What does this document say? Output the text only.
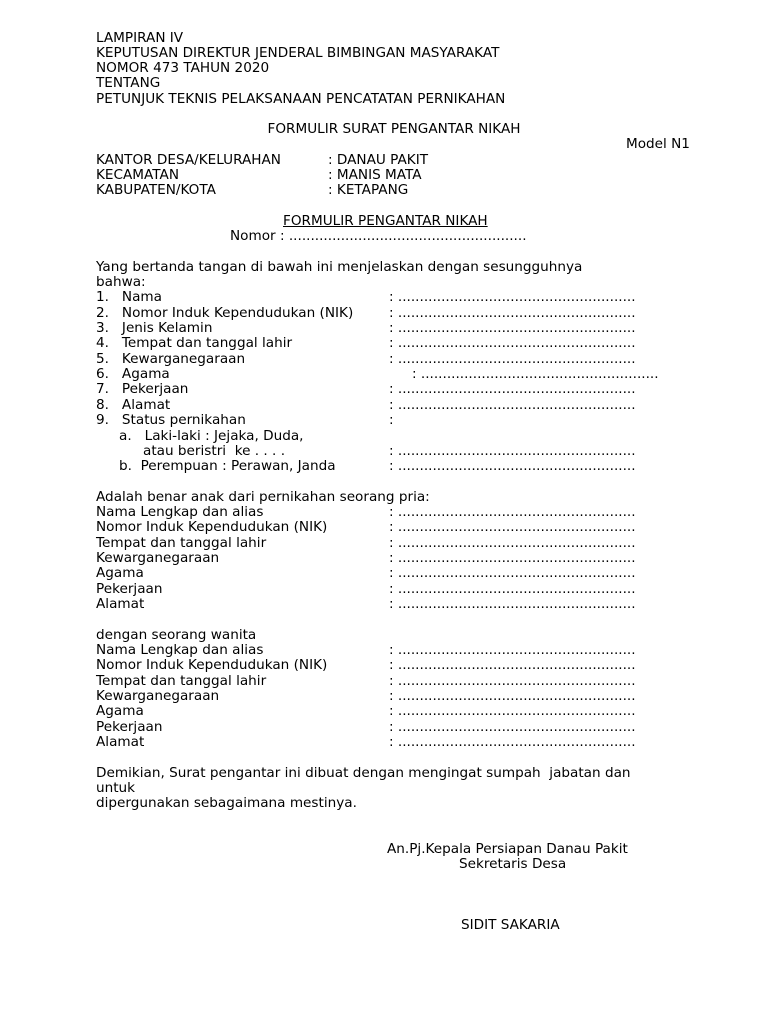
LAMPIRAN IV
KEPUTUSAN DIREKTUR JENDERAL BIMBINGAN MASYARAKAT
NOMOR 473 TAHUN 2020
TENTANG
PETUNJUK TEKNIS PELAKSANAAN PENCATATAN PERNIKAHAN
FORMULIR SURAT PENGANTAR NIKAH
Model N1
KANTOR DESA/KELURAHAN	: DANAU PAKIT
KECAMATAN	: MANIS MATA
KABUPATEN/KOTA	: KETAPANG
FORMULIR PENGANTAR NIKAH
Nomor : .......................................................
Yang bertanda tangan di bawah ini menjelaskan dengan sesungguhnya
bahwa:
1.   Nama	: .......................................................
2.   Nomor Induk Kependudukan (NIK)	: .......................................................
3.   Jenis Kelamin	: .......................................................
4.   Tempat dan tanggal lahir	: .......................................................
5.   Kewarganegaraan	: .......................................................
6.   Agama	: .......................................................
7.   Pekerjaan	: .......................................................
8.   Alamat	: .......................................................
9.   Status pernikahan	:
a.   Laki-laki : Jejaka, Duda,
atau beristri  ke . . . .	: .......................................................
b.  Perempuan : Perawan, Janda	: .......................................................
Adalah benar anak dari pernikahan seorang pria:
Nama Lengkap dan alias	: .......................................................
Nomor Induk Kependudukan (NIK)	: .......................................................
Tempat dan tanggal lahir	: .......................................................
Kewarganegaraan	: .......................................................
Agama	: .......................................................
Pekerjaan	: .......................................................
Alamat	: .......................................................
dengan seorang wanita
Nama Lengkap dan alias	: .......................................................
Nomor Induk Kependudukan (NIK)	: .......................................................
Tempat dan tanggal lahir	: .......................................................
Kewarganegaraan	: .......................................................
Agama	: .......................................................
Pekerjaan	: .......................................................
Alamat	: .......................................................
Demikian, Surat pengantar ini dibuat dengan mengingat sumpah  jabatan dan
untuk
dipergunakan sebagaimana mestinya.
An.Pj.Kepala Persiapan Danau Pakit
Sekretaris Desa
SIDIT SAKARIA
